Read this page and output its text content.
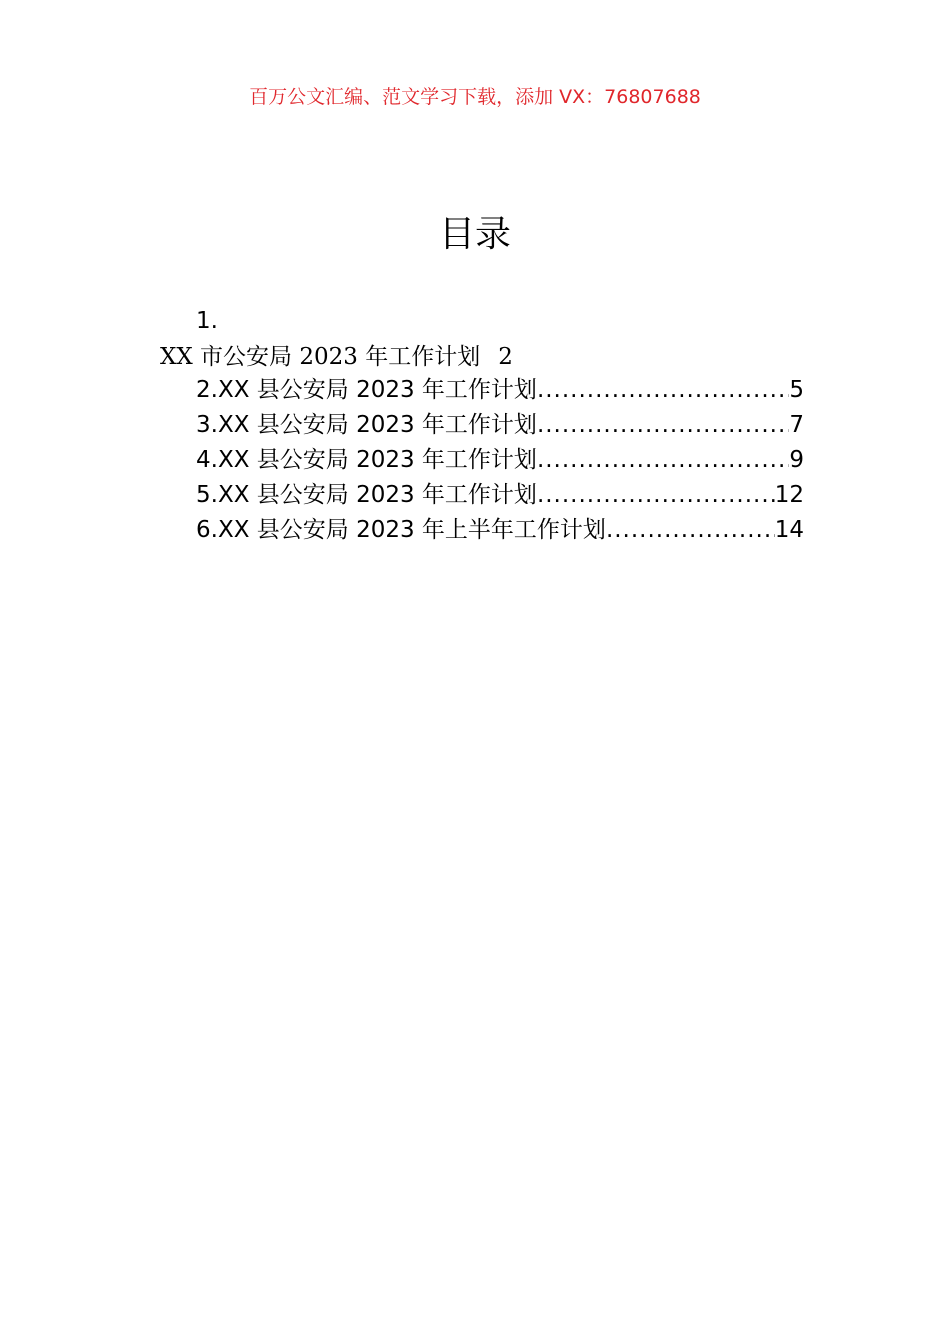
百万公文汇编、范文学习下载，添加 VX：76807688
目录
1.
XX 市公安局 2023 年工作计划 2
2.XX 县公安局 2023 年工作计划 .....	5
3.XX 县公安局 2023 年工作计划 .....	7
4.XX 县公安局 2023 年工作计划 .....	9
5.XX 县公安局 2023 年工作计划 .....	12
6.XX 县公安局 2023 年上半年工作计划 .....	14
